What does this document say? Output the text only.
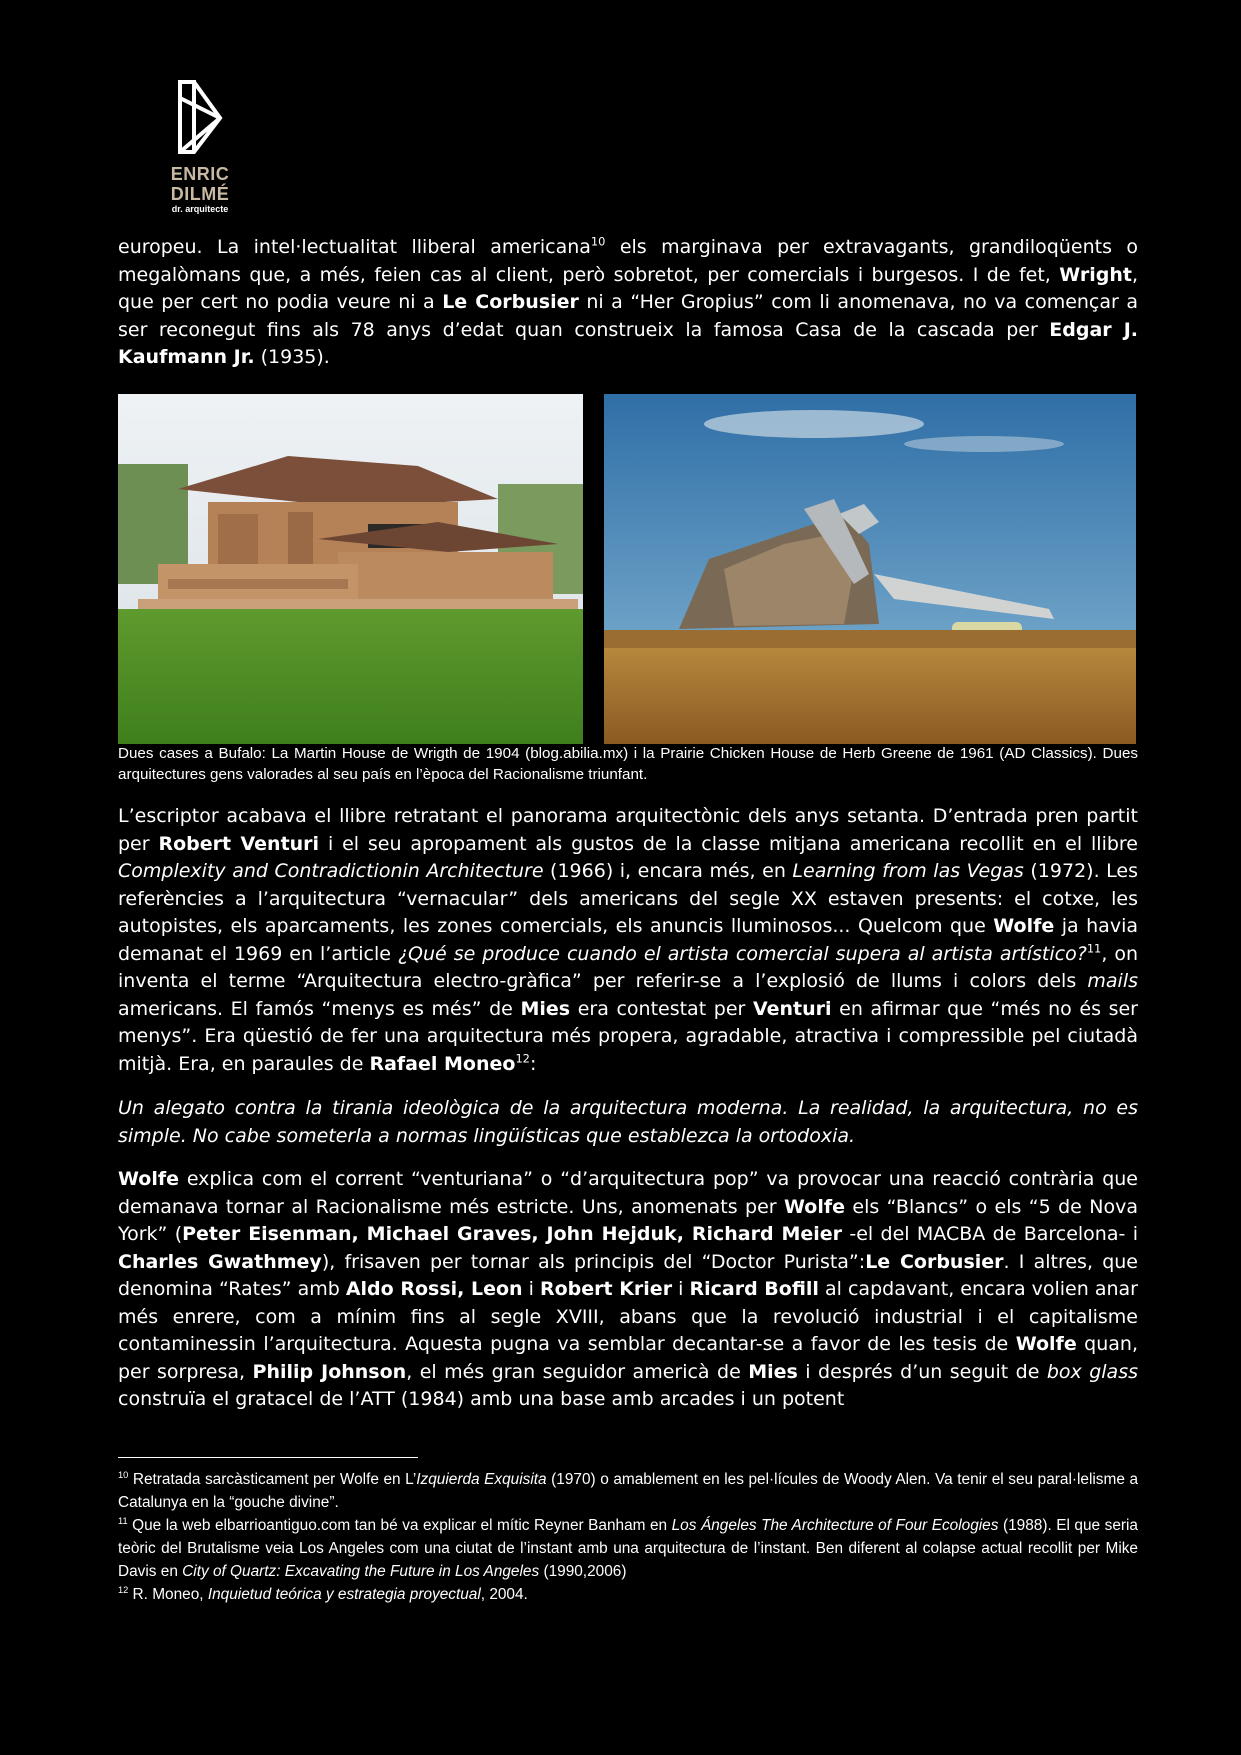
ENRIC DILMÉ
dr. arquitecte

europeu. La intel·lectualitat lliberal americana$^{10}$ els marginava per extravagants, grandiloqüents o megalòmans que, a més, feien cas al client, però sobretot, per comercials i burgesos. I de fet, Wright, que per cert no podia veure ni a Le Corbusier ni a “Her Gropius” com li anomenava, no va començar a ser reconegut fins als 78 anys d’edat quan construeix la famosa Casa de la cascada per Edgar J. Kaufmann Jr. (1935).

Dues cases a Bufalo: La Martin House de Wrigth de 1904 (blog.abilia.mx) i la Prairie Chicken House de Herb Greene de 1961 (AD Classics). Dues arquitectures gens valorades al seu país en l’època del Racionalisme triunfant.

L’escriptor acabava el llibre retratant el panorama arquitectònic dels anys setanta. D’entrada pren partit per Robert Venturi i el seu apropament als gustos de la classe mitjana americana recollit en el llibre Complexity and Contradictionin Architecture (1966) i, encara més, en Learning from las Vegas (1972). Les referències a l’arquitectura “vernacular” dels americans del segle XX estaven presents: el cotxe, les autopistes, els aparcaments, les zones comercials, els anuncis lluminosos... Quelcom que Wolfe ja havia demanat el 1969 en l’article ¿Qué se produce cuando el artista comercial supera al artista artístico?$^{11}$, on inventa el terme “Arquitectura electro-gràfica” per referir-se a l’explosió de llums i colors dels mails americans. El famós “menys es més” de Mies era contestat per Venturi en afirmar que “més no és ser menys”. Era qüestió de fer una arquitectura més propera, agradable, atractiva i compressible pel ciutadà mitjà. Era, en paraules de Rafael Moneo$^{12}$:

Un alegato contra la tirania ideològica de la arquitectura moderna. La realidad, la arquitectura, no es simple. No cabe someterla a normas lingüísticas que establezca la ortodoxia.

Wolfe explica com el corrent “venturiana” o “d’arquitectura pop” va provocar una reacció contrària que demanava tornar al Racionalisme més estricte. Uns, anomenats per Wolfe els “Blancs” o els “5 de Nova York” (Peter Eisenman, Michael Graves, John Hejduk, Richard Meier -el del MACBA de Barcelona- i Charles Gwathmey), frisaven per tornar als principis del “Doctor Purista”:Le Corbusier. I altres, que denomina “Rates” amb Aldo Rossi, Leon i Robert Krier i Ricard Bofill al capdavant, encara volien anar més enrere, com a mínim fins al segle XVIII, abans que la revolució industrial i el capitalisme contaminessin l’arquitectura. Aquesta pugna va semblar decantar-se a favor de les tesis de Wolfe quan, per sorpresa, Philip Johnson, el més gran seguidor americà de Mies i després d’un seguit de box glass construïa el gratacel de l’ATT (1984) amb una base amb arcades i un potent

$^{10}$ Retratada sarcàsticament per Wolfe en L’Izquierda Exquisita (1970) o amablement en les pel·lícules de Woody Alen. Va tenir el seu paral·lelisme a Catalunya en la “gouche divine”.

$^{11}$ Que la web elbarrioantiguo.com tan bé va explicar el mític Reyner Banham en Los Ángeles The Architecture of Four Ecologies (1988). El que seria teòric del Brutalisme veia Los Angeles com una ciutat de l’instant amb una arquitectura de l’instant. Ben diferent al colapse actual recollit per Mike Davis en City of Quartz: Excavating the Future in Los Angeles (1990,2006)

$^{12}$ R. Moneo, Inquietud teórica y estrategia proyectual, 2004.
